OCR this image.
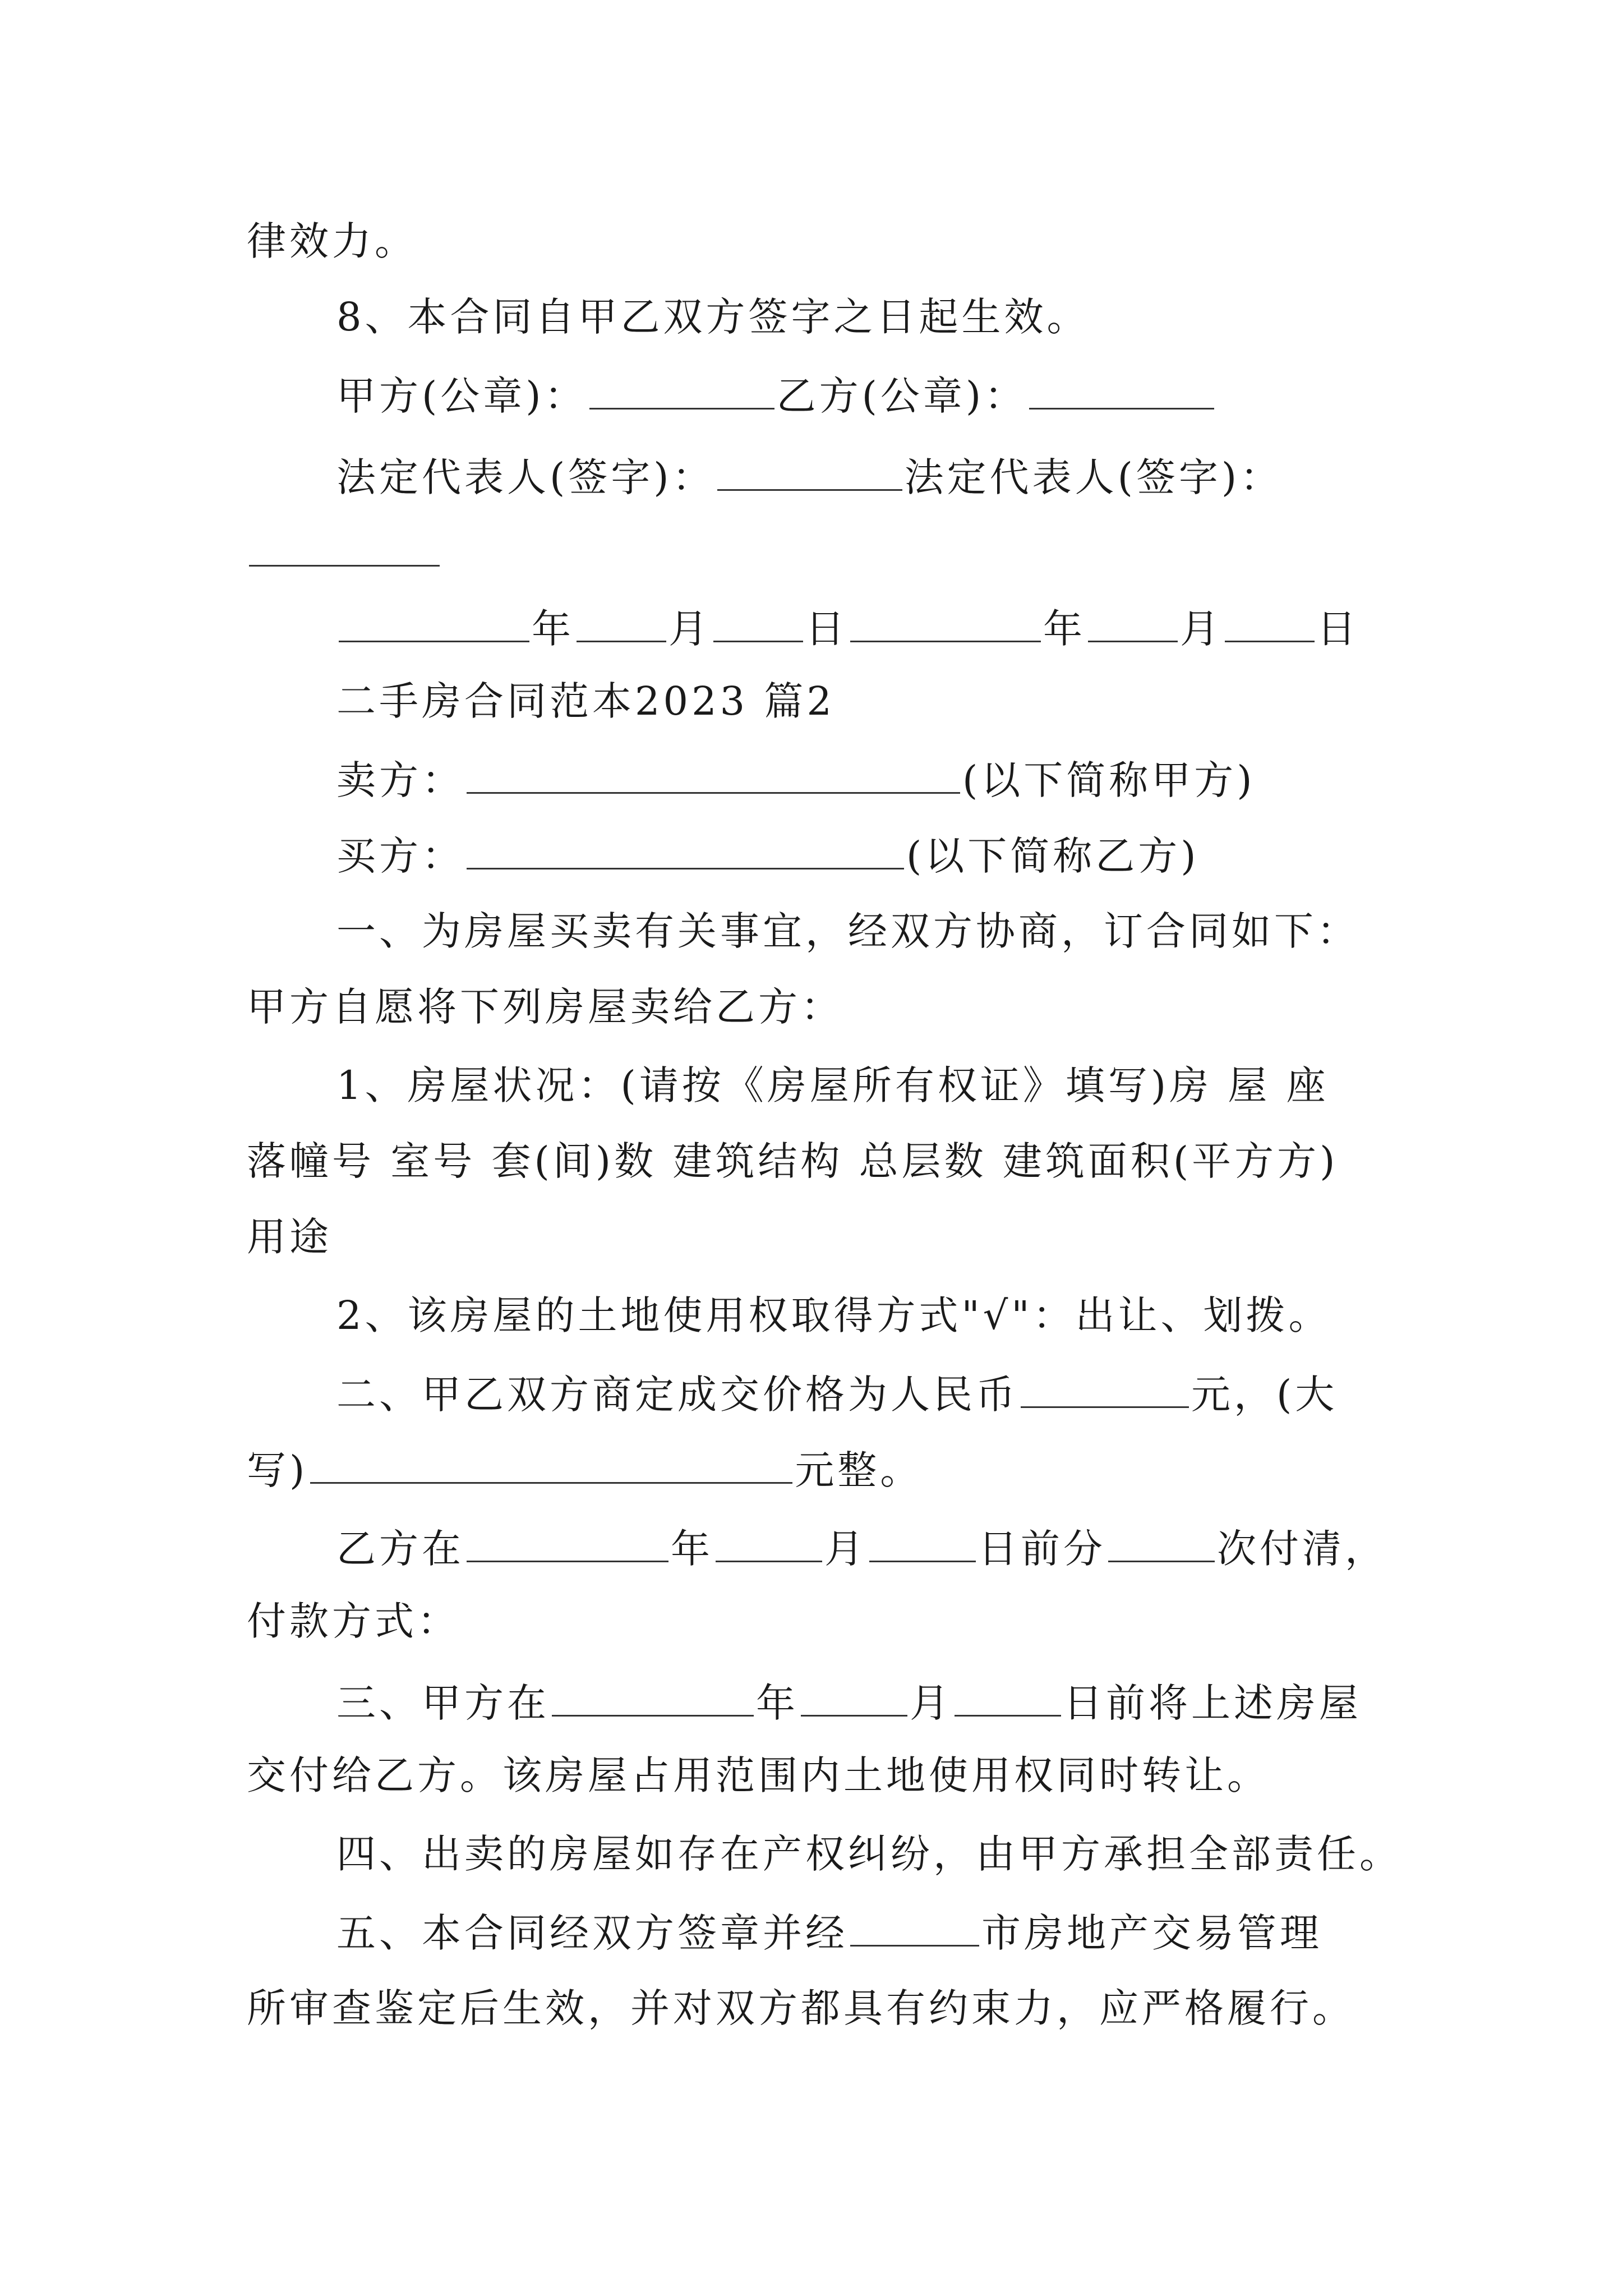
律效力。
8、本合同自甲乙双方签字之日起生效。
甲方(公章)：	乙方(公章)：
法定代表人(签字)：	法定代表人(签字)：
年 月 日	年 月 日
二手房合同范本2023 篇2
卖方：	(以下简称甲方)
买方：	(以下简称乙方)
一、为房屋买卖有关事宜，经双方协商，订合同如下：
甲方自愿将下列房屋卖给乙方：
1、房屋状况：(请按《房屋所有权证》填写)房 屋 座
落幢号 室号 套(间)数 建筑结构 总层数 建筑面积(平方方)
用途
2、该房屋的土地使用权取得方式"√"：出让、划拨。
二、甲乙双方商定成交价格为人民币	元，(大
写)	元整。
乙方在	年	月	日前分	次付清，
付款方式：
三、甲方在	年	月	日前将上述房屋
交付给乙方。该房屋占用范围内土地使用权同时转让。
四、出卖的房屋如存在产权纠纷，由甲方承担全部责任。
五、本合同经双方签章并经	市房地产交易管理
所审查鉴定后生效，并对双方都具有约束力，应严格履行。
